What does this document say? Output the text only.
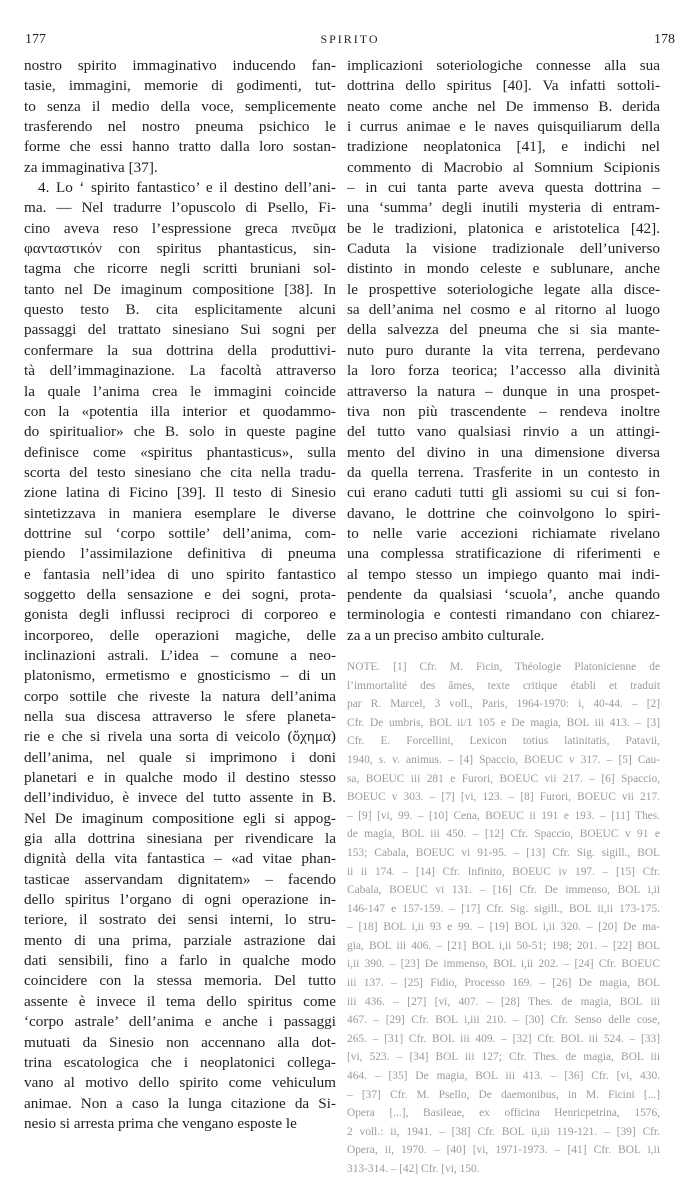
177	SPIRITO	178
nostro spirito immaginativo inducendo fan-
tasie, immagini, memorie di godimenti, tut-
to senza il medio della voce, semplicemente
trasferendo nel nostro pneuma psichico le
forme che essi hanno tratto dalla loro sostan-
za immaginativa [37].
4. Lo ‘ spirito fantastico’ e il destino dell’ani-
ma. — Nel tradurre l’opuscolo di Psello, Fi-
cino aveva reso l’espressione greca πνεῦμα
φανταστικόν con spiritus phantasticus, sin-
tagma che ricorre negli scritti bruniani sol-
tanto nel De imaginum compositione [38]. In
questo testo B. cita esplicitamente alcuni
passaggi del trattato sinesiano Sui sogni per
confermare la sua dottrina della produttivi-
tà dell’immaginazione. La facoltà attraverso
la quale l’anima crea le immagini coincide
con la «potentia illa interior et quodammo-
do spiritualior» che B. solo in queste pagine
definisce come «spiritus phantasticus», sulla
scorta del testo sinesiano che cita nella tradu-
zione latina di Ficino [39]. Il testo di Sinesio
sintetizzava in maniera esemplare le diverse
dottrine sul ‘corpo sottile’ dell’anima, com-
piendo l’assimilazione definitiva di pneuma
e fantasia nell’idea di uno spirito fantastico
soggetto della sensazione e dei sogni, prota-
gonista degli influssi reciproci di corporeo e
incorporeo, delle operazioni magiche, delle
inclinazioni astrali. L’idea – comune a neo-
platonismo, ermetismo e gnosticismo – di un
corpo sottile che riveste la natura dell’anima
nella sua discesa attraverso le sfere planeta-
rie e che si rivela una sorta di veicolo (ὄχημα)
dell’anima, nel quale si imprimono i doni
planetari e in qualche modo il destino stesso
dell’individuo, è invece del tutto assente in B.
Nel De imaginum compositione egli si appog-
gia alla dottrina sinesiana per rivendicare la
dignità della vita fantastica – «ad vitae phan-
tasticae asservandam dignitatem» – facendo
dello spiritus l’organo di ogni operazione in-
teriore, il sostrato dei sensi interni, lo stru-
mento di una prima, parziale astrazione dai
dati sensibili, fino a farlo in qualche modo
coincidere con la stessa memoria. Del tutto
assente è invece il tema dello spiritus come
‘corpo astrale’ dell’anima e anche i passaggi
mutuati da Sinesio non accennano alla dot-
trina escatologica che i neoplatonici collega-
vano al motivo dello spirito come vehiculum
animae. Non a caso la lunga citazione da Si-
nesio si arresta prima che vengano esposte le
implicazioni soteriologiche connesse alla sua
dottrina dello spiritus [40]. Va infatti sottoli-
neato come anche nel De immenso B. derida
i currus animae e le naves quisquiliarum della
tradizione neoplatonica [41], e indichi nel
commento di Macrobio al Somnium Scipionis
– in cui tanta parte aveva questa dottrina –
una ‘summa’ degli inutili mysteria di entram-
be le tradizioni, platonica e aristotelica [42].
Caduta la visione tradizionale dell’universo
distinto in mondo celeste e sublunare, anche
le prospettive soteriologiche legate alla disce-
sa dell’anima nel cosmo e al ritorno al luogo
della salvezza del pneuma che si sia mante-
nuto puro durante la vita terrena, perdevano
la loro forza teorica; l’accesso alla divinità
attraverso la natura – dunque in una prospet-
tiva non più trascendente – rendeva inoltre
del tutto vano qualsiasi rinvio a un attingi-
mento del divino in una dimensione diversa
da quella terrena. Trasferite in un contesto in
cui erano caduti tutti gli assiomi su cui si fon-
davano, le dottrine che coinvolgono lo spiri-
to nelle varie accezioni richiamate rivelano
una complessa stratificazione di riferimenti e
al tempo stesso un impiego quanto mai indi-
pendente da qualsiasi ‘scuola’, anche quando
terminologia e contesti rimandano con chiarez-
za a un preciso ambito culturale.
NOTE. [1] Cfr. M. Ficin, Théologie Platonicienne de
l’immortalité des âmes, texte critique établi et traduit
par R. Marcel, 3 voll., Paris, 1964-1970: i, 40-44. – [2]
Cfr. De umbris, BOL ii/1 105 e De magia, BOL iii 413. – [3]
Cfr. E. Forcellini, Lexicon totius latinitatis, Patavii,
1940, s. v. animus. – [4] Spaccio, BOEUC v 317. – [5] Cau-
sa, BOEUC iii 281 e Furori, BOEUC vii 217. – [6] Spaccio,
BOEUC v 303. – [7] [vi, 123. – [8] Furori, BOEUC vii 217.
– [9] [vi, 99. – [10] Cena, BOEUC ii 191 e 193. – [11] Thes.
de magia, BOL iii 450. – [12] Cfr. Spaccio, BOEUC v 91 e
153; Cabala, BOEUC vi 91-95. – [13] Cfr. Sig. sigill., BOL
ii ii 174. – [14] Cfr. Infinito, BOEUC iv 197. – [15] Cfr.
Cabala, BOEUC vi 131. – [16] Cfr. De immenso, BOL i,ii
146-147 e 157-159. – [17] Cfr. Sig. sigill., BOL ii,ii 173-175.
– [18] BOL i,ii 93 e 99. – [19] BOL i,ii 320. – [20] De ma-
gia, BOL iii 406. – [21] BOL i,ii 50-51; 198; 201. – [22] BOL
i,ii 390. – [23] De immenso, BOL i,ii 202. – [24] Cfr. BOEUC
iii 137. – [25] Fidio, Processo 169. – [26] De magia, BOL
iii 436. – [27] [vi, 407. – [28] Thes. de magia, BOL iii
467. – [29] Cfr. BOL i,iii 210. – [30] Cfr. Senso delle cose,
265. – [31] Cfr. BOL iii 409. – [32] Cfr. BOL iii 524. – [33]
[vi, 523. – [34] BOL iii 127; Cfr. Thes. de magia, BOL iii
464. – [35] De magia, BOL iii 413. – [36] Cfr. [vi, 430.
– [37] Cfr. M. Psello, De daemonibus, in M. Ficini [...]
Opera [...], Basileae, ex officina Henricpetrina, 1576,
2 voll.: ii, 1941. – [38] Cfr. BOL ii,iii 119-121. – [39] Cfr.
Opera, ii, 1970. – [40] [vi, 1971-1973. – [41] Cfr. BOL i,ii
313-314. – [42] Cfr. [vi, 150.
